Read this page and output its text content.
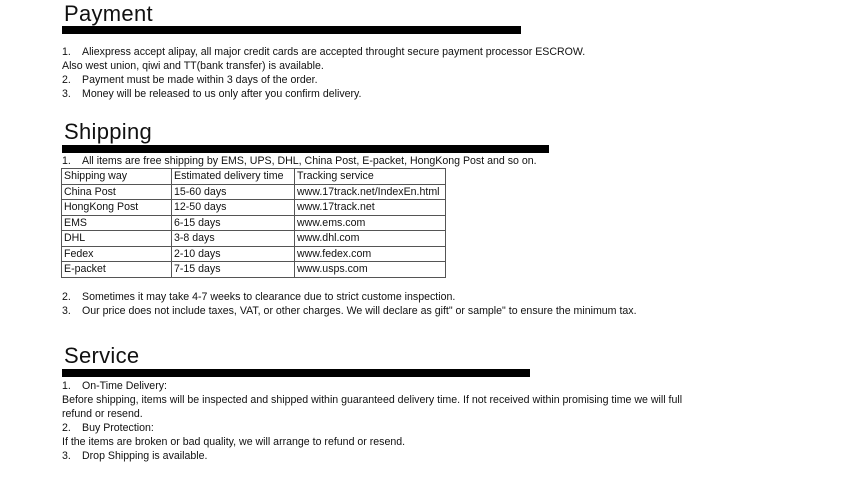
Payment
1. Aliexpress accept alipay, all major credit cards are accepted throught secure payment processor ESCROW.
Also west union, qiwi and TT(bank transfer) is available.
2. Payment must be made within 3 days of the order.
3. Money will be released to us only after you confirm delivery.
Shipping
1. All items are free shipping by EMS, UPS, DHL, China Post, E-packet, HongKong Post and so on.
Shipping way	Estimated delivery time	Tracking service
China Post	15-60 days	www.17track.net/IndexEn.html
HongKong Post	12-50 days	www.17track.net
EMS	6-15 days	www.ems.com
DHL	3-8 days	www.dhl.com
Fedex	2-10 days	www.fedex.com
E-packet	7-15 days	www.usps.com
2. Sometimes it may take 4-7 weeks to clearance due to strict custome inspection.
3. Our price does not include taxes, VAT, or other charges. We will declare as gift" or sample" to ensure the minimum tax.
Service
1. On-Time Delivery:
Before shipping, items will be inspected and shipped within guaranteed delivery time. If not received within promising time we will full
refund or resend.
2. Buy Protection:
If the items are broken or bad quality, we will arrange to refund or resend.
3. Drop Shipping is available.
